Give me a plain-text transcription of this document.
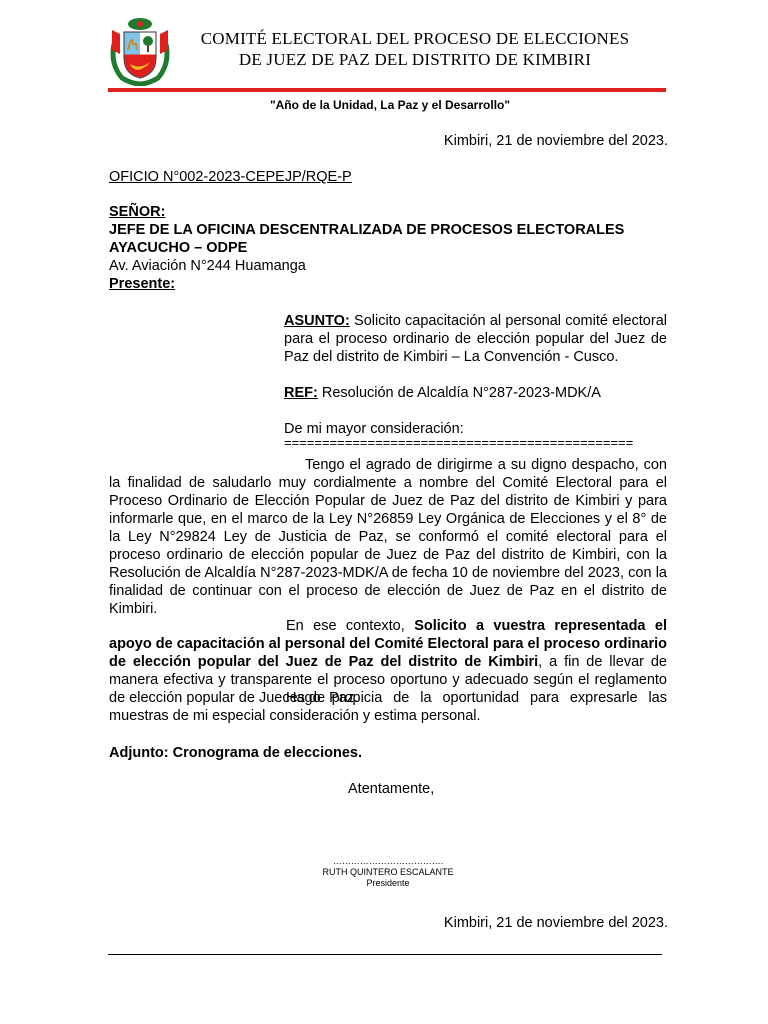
COMITÉ ELECTORAL DEL PROCESO DE ELECCIONES
DE JUEZ DE PAZ DEL DISTRITO DE KIMBIRI
"Año de la Unidad, La Paz y el Desarrollo"
Kimbiri, 21 de noviembre del 2023.
OFICIO N°002-2023-CEPEJP/RQE-P
SEÑOR:
JEFE DE LA OFICINA DESCENTRALIZADA DE PROCESOS ELECTORALES
AYACUCHO – ODPE
Av. Aviación N°244 Huamanga
Presente:

ASUNTO: Solicito capacitación al personal comité electoral para el proceso ordinario de elección popular del Juez de Paz del distrito de Kimbiri – La Convención - Cusco.

REF: Resolución de Alcaldía N°287-2023-MDK/A

De mi mayor consideración:
==============================================

Tengo el agrado de dirigirme a su digno despacho, con la finalidad de saludarlo muy cordialmente a nombre del Comité Electoral para el Proceso Ordinario de Elección Popular de Juez de Paz del distrito de Kimbiri y para informarle que, en el marco de la Ley N°26859 Ley Orgánica de Elecciones y el 8° de la Ley N°29824 Ley de Justicia de Paz, se conformó el comité electoral para el proceso ordinario de elección popular de Juez de Paz del distrito de Kimbiri, con la Resolución de Alcaldía N°287-2023-MDK/A de fecha 10 de noviembre del 2023, con la finalidad de continuar con el proceso de elección de Juez de Paz en el distrito de Kimbiri.

En ese contexto, Solicito a vuestra representada el apoyo de capacitación al personal del Comité Electoral para el proceso ordinario de elección popular del Juez de Paz del distrito de Kimbiri, a fin de llevar de manera efectiva y transparente el proceso oportuno y adecuado según el reglamento de elección popular de Jueces de Paz.

Hago propicia de la oportunidad para expresarle las muestras de mi especial consideración y estima personal.

Adjunto: Cronograma de elecciones.
Atentamente,
……………………………….
RUTH QUINTERO ESCALANTE
Presidente
Kimbiri, 21 de noviembre del 2023.
